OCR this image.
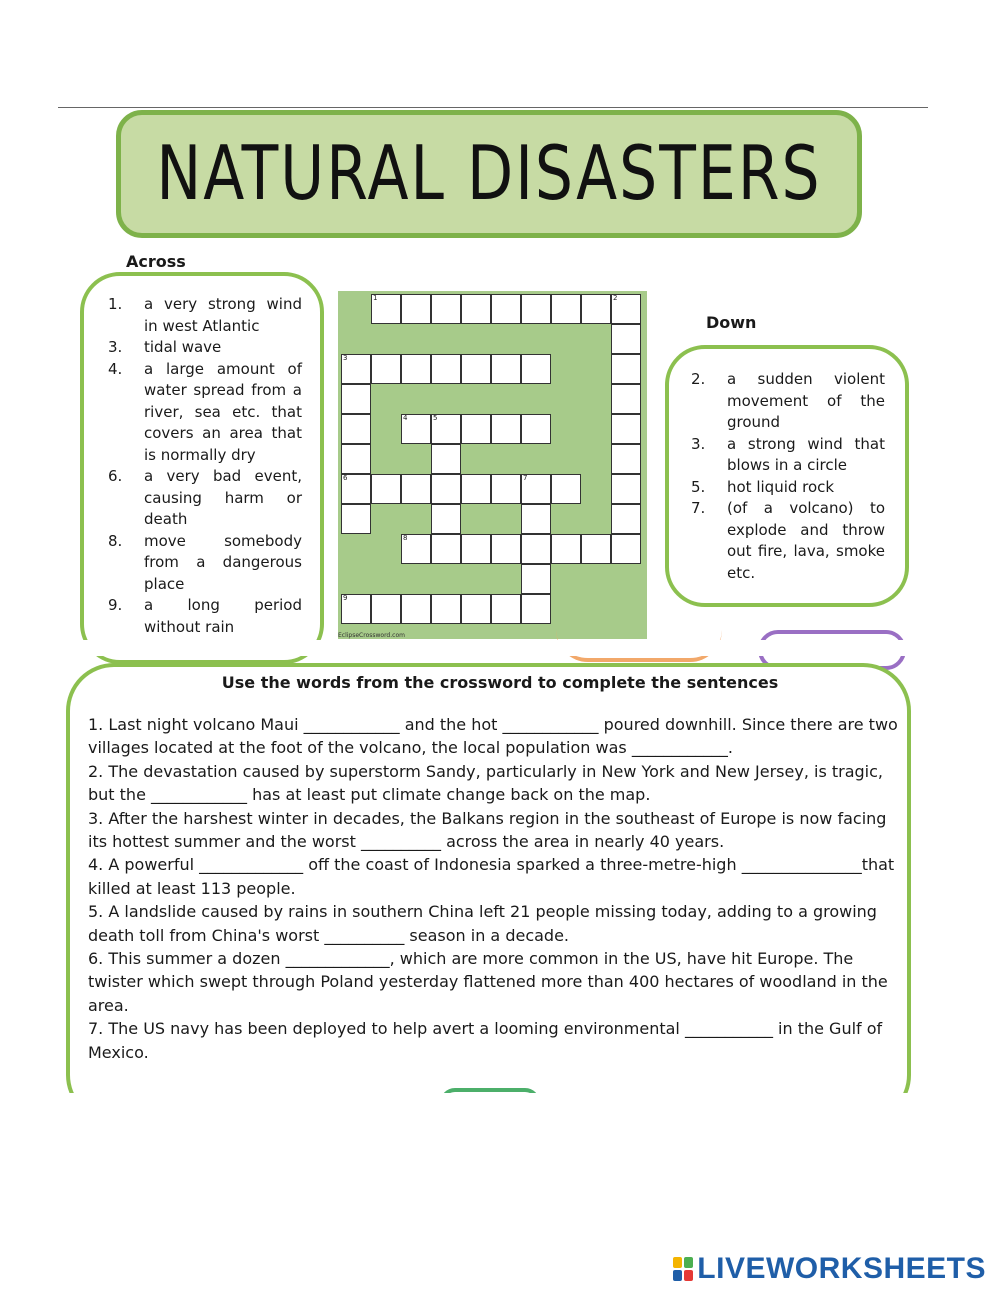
NATURAL DISASTERS
Across
1.	a very strong wind in west Atlantic
3.	tidal wave
4.	a large amount of water spread from a river, sea etc. that covers an area that is normally dry
6.	a very bad event, causing harm or death
8.	move somebody from a dangerous place
9.	a long period without rain	EclipseCrossword.com
1	2
3
4	5
6	7
8
9
Down
2.	a sudden violent movement of the ground
3.	a strong wind that blows in a circle
5.	hot liquid rock
7.	(of a volcano) to explode and throw out fire, lava, smoke etc.
Use the words from the crossword to complete the sentences

1. Last night volcano Maui ____________ and the hot ____________ poured downhill. Since there are two villages located at the foot of the volcano, the local population was ____________.

2. The devastation caused by superstorm Sandy, particularly in New York and New Jersey, is tragic, but the ____________ has at least put climate change back on the map.

3. After the harshest winter in decades, the Balkans region in the southeast of Europe is now facing its hottest summer and the worst __________ across the area in nearly 40 years.

4. A powerful _____________ off the coast of Indonesia sparked a three-metre-high _______________that killed at least 113 people.

5. A landslide caused by rains in southern China left 21 people missing today, adding to a growing death toll from China's worst __________ season in a decade.

6. This summer a dozen _____________, which are more common in the US, have hit Europe. The twister which swept through Poland yesterday flattened more than 400 hectares of woodland in the area.

7. The US navy has been deployed to help avert a looming environmental ___________ in the Gulf of Mexico.

LIVEWORKSHEETS
